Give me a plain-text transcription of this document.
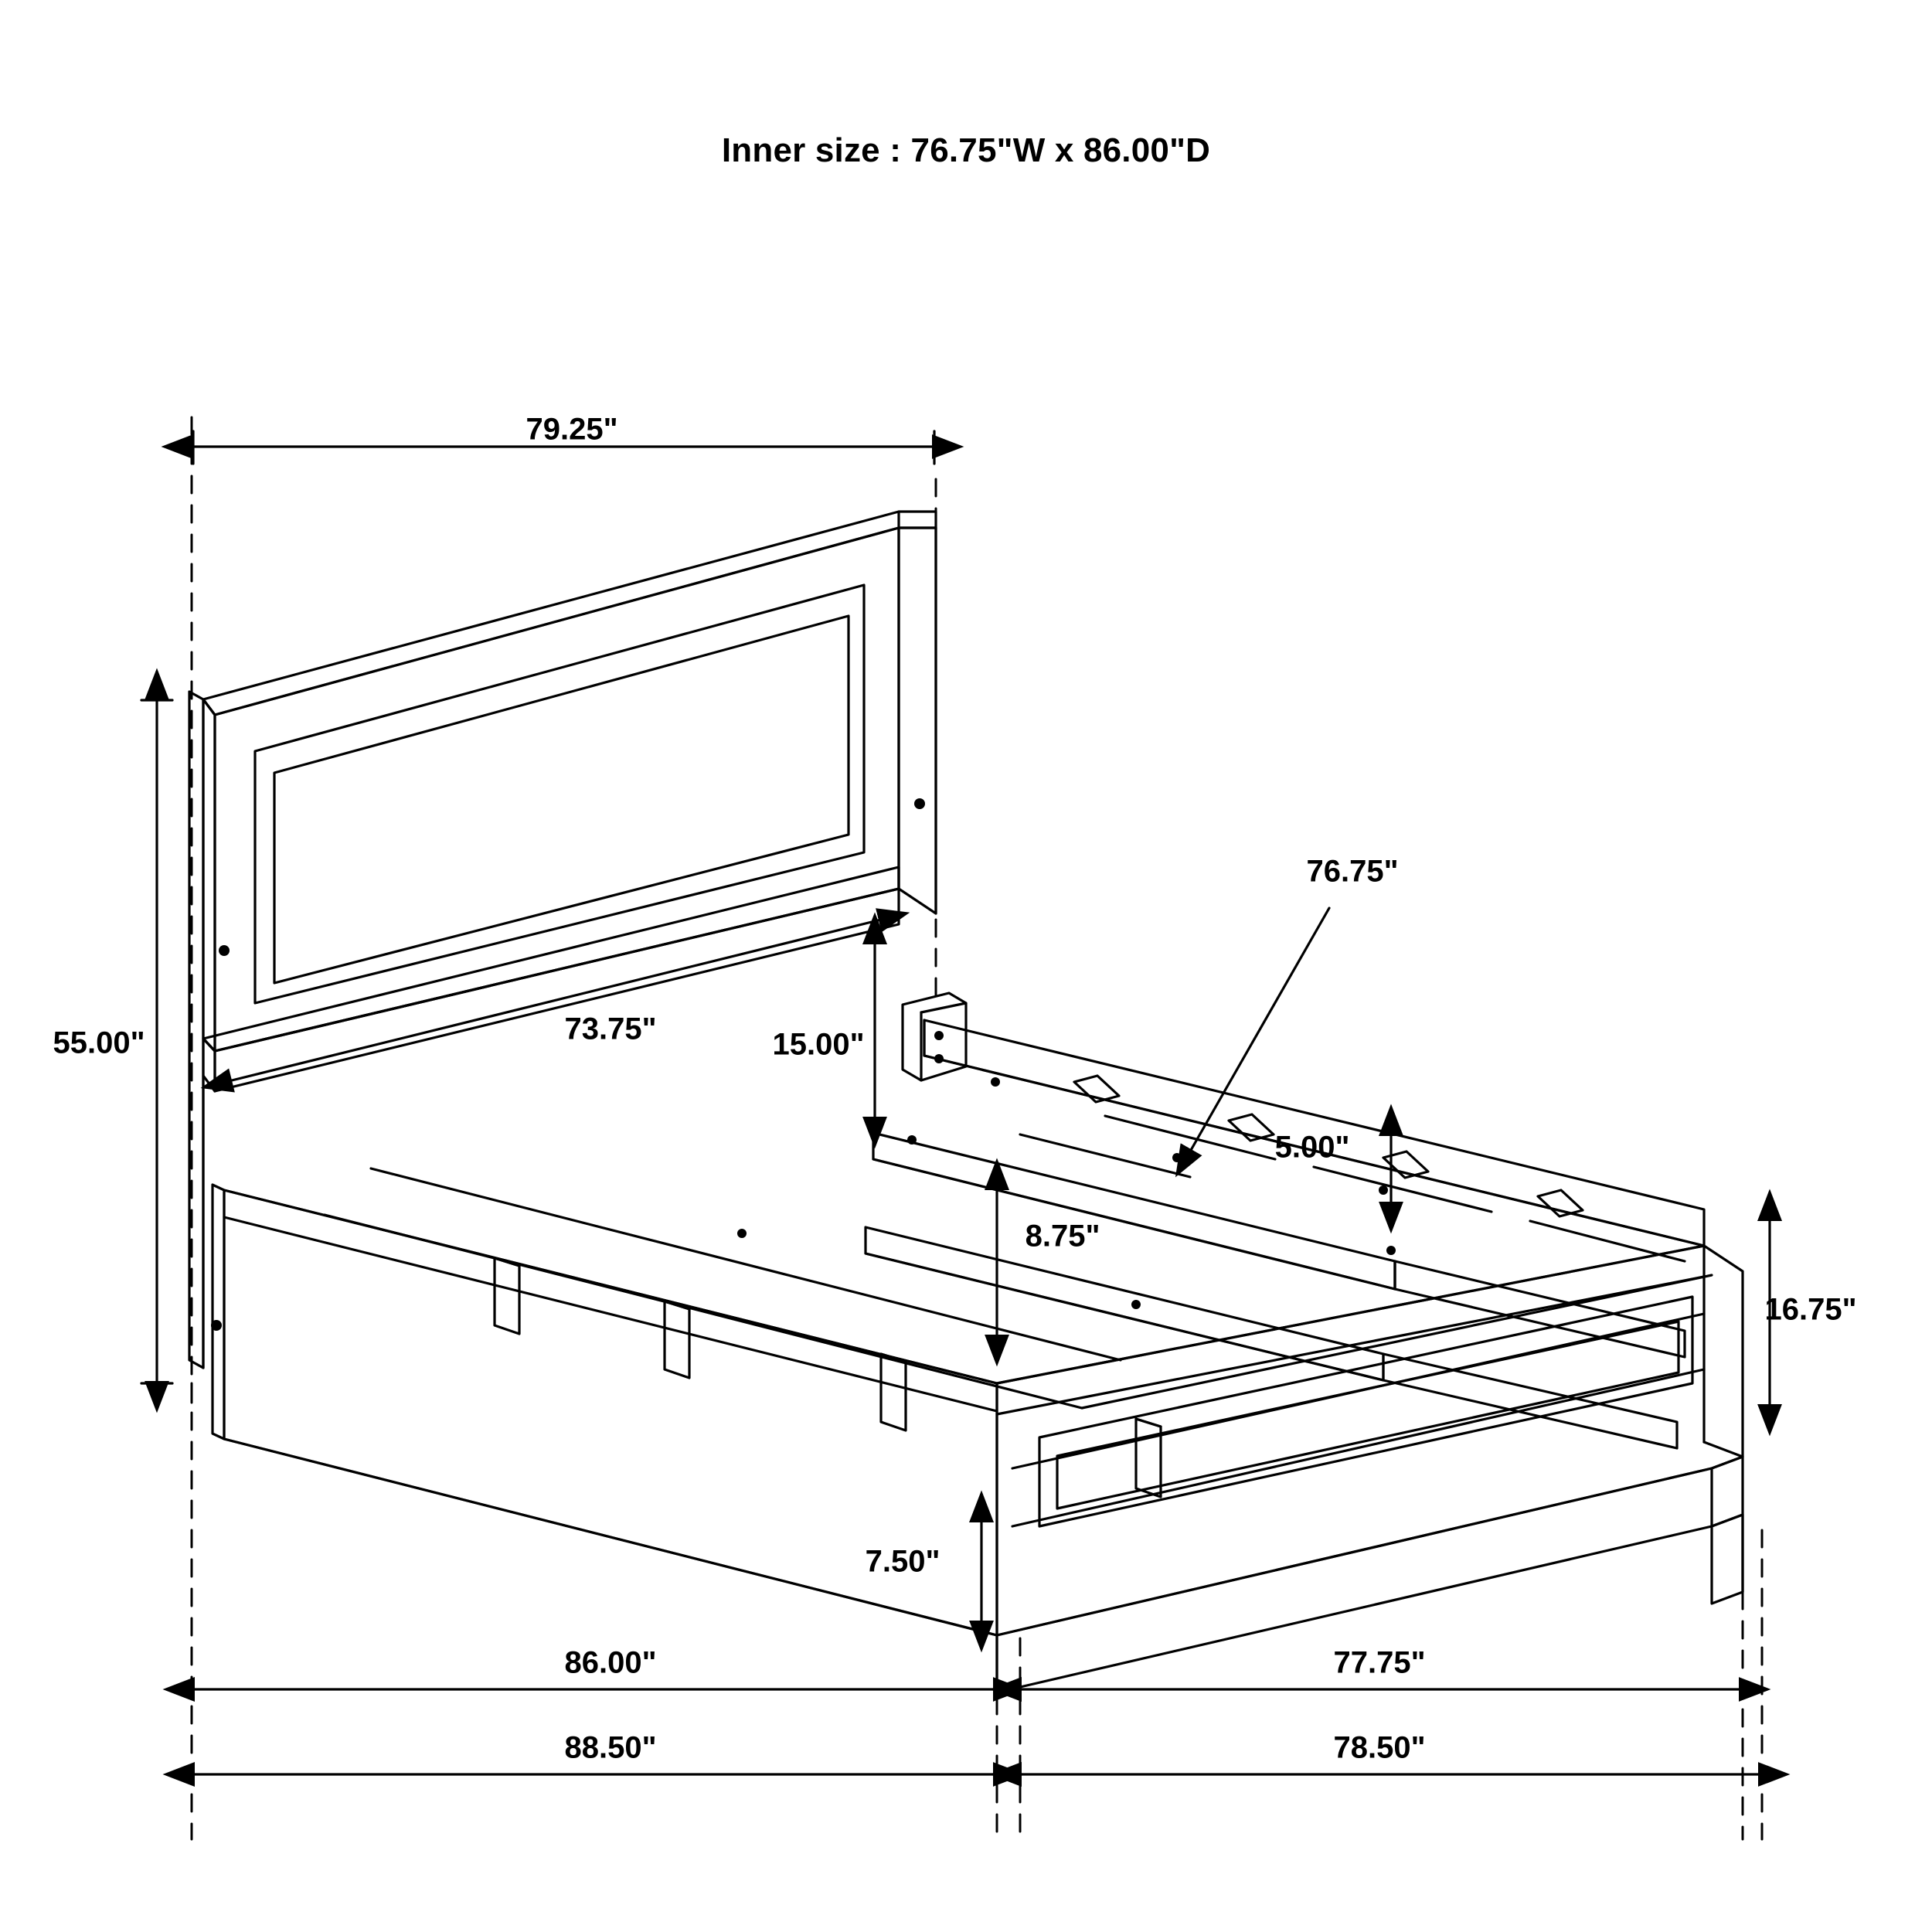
Inner size : 76.75"W x 86.00"D
79.25"
55.00"	73.75"	15.00"
76.75"
5.00"
8.75"
16.75"
7.50"
86.00"	77.75"
88.50"	78.50"
